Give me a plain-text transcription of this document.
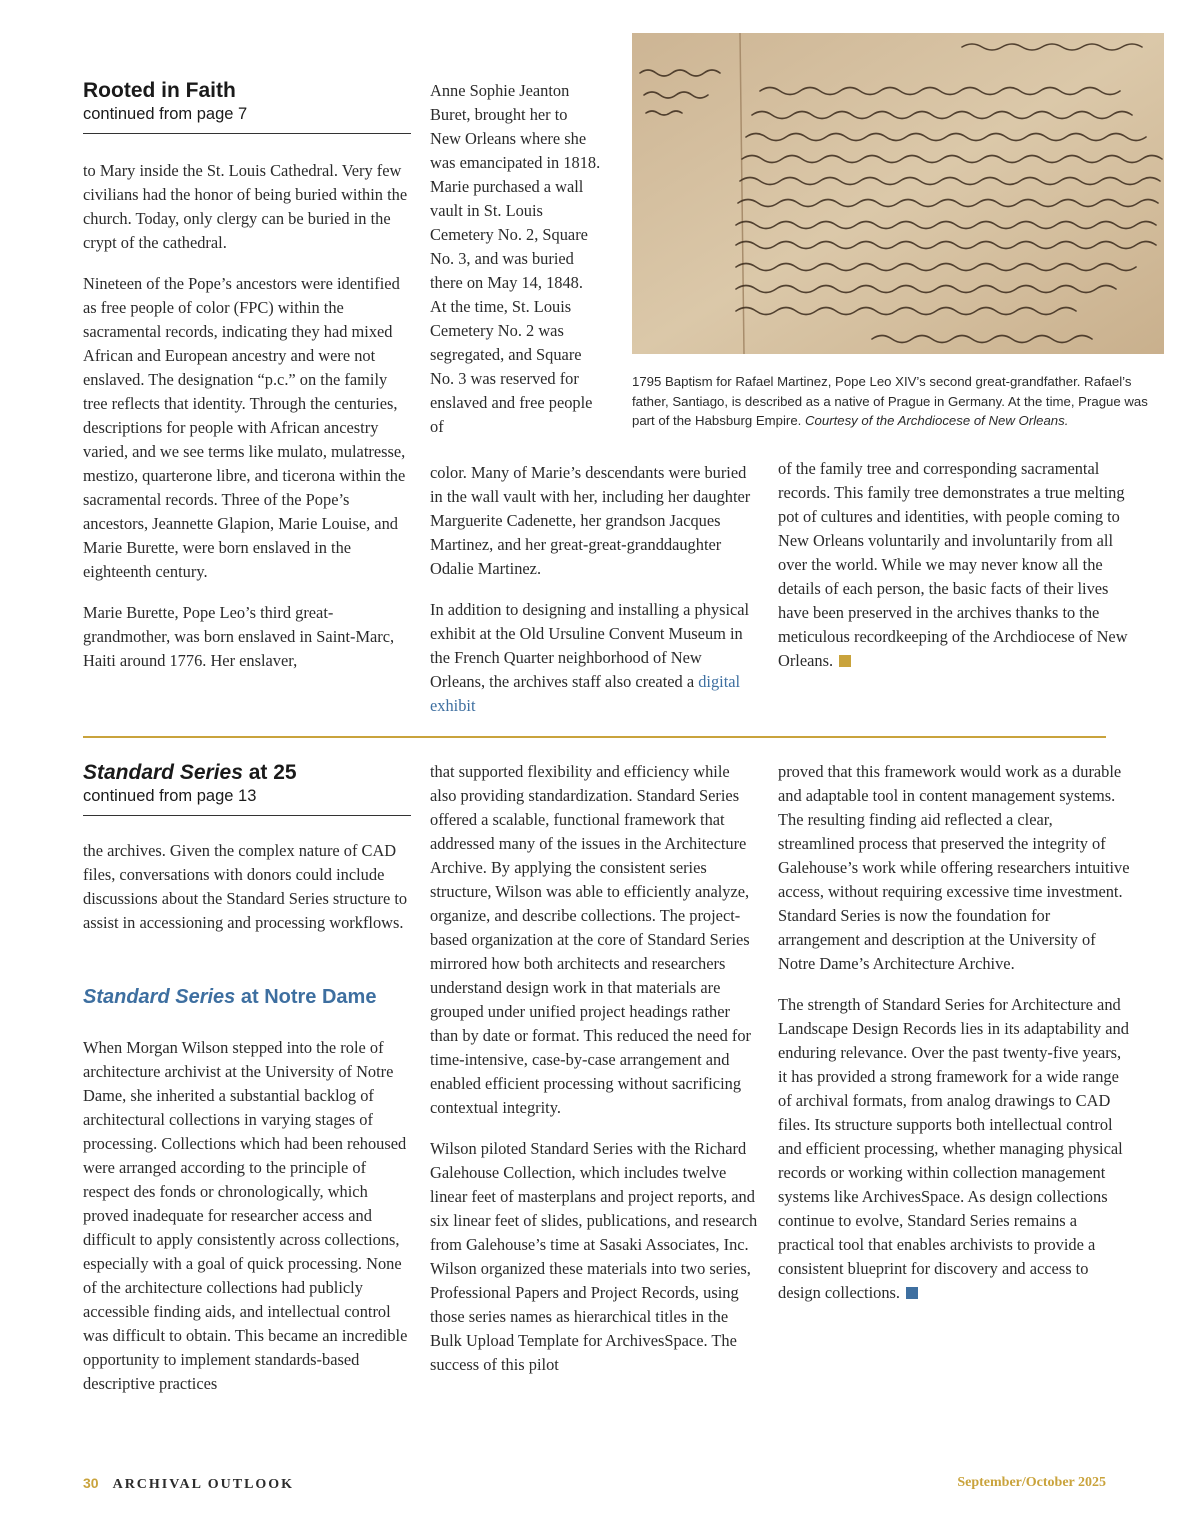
Rooted in Faith
continued from page 7

to Mary inside the St. Louis Cathedral. Very few civilians had the honor of being buried within the church. Today, only clergy can be buried in the crypt of the cathedral.

Nineteen of the Pope’s ancestors were identified as free people of color (FPC) within the sacramental records, indicating they had mixed African and European ancestry and were not enslaved. The designation “p.c.” on the family tree reflects that identity. Through the centuries, descriptions for people with African ancestry varied, and we see terms like mulato, mulatresse, mestizo, quarterone libre, and ticerona within the sacramental records. Three of the Pope’s ancestors, Jeannette Glapion, Marie Louise, and Marie Burette, were born enslaved in the eighteenth century.

Marie Burette, Pope Leo’s third great-grandmother, was born enslaved in Saint-Marc, Haiti around 1776. Her enslaver,

Anne Sophie Jeanton Buret, brought her to New Orleans where she was emancipated in 1818. Marie purchased a wall vault in St. Louis Cemetery No. 2, Square No. 3, and was buried there on May 14, 1848. At the time, St. Louis Cemetery No. 2 was segregated, and Square No. 3 was reserved for enslaved and free people of

color. Many of Marie’s descendants were buried in the wall vault with her, including her daughter Marguerite Cadenette, her grandson Jacques Martinez, and her great-great-granddaughter Odalie Martinez.

In addition to designing and installing a physical exhibit at the Old Ursuline Convent Museum in the French Quarter neighborhood of New Orleans, the archives staff also created a digital exhibit

of the family tree and corresponding sacramental records. This family tree demonstrates a true melting pot of cultures and identities, with people coming to New Orleans voluntarily and involuntarily from all over the world. While we may never know all the details of each person, the basic facts of their lives have been preserved in the archives thanks to the meticulous recordkeeping of the Archdiocese of New Orleans.

1795 Baptism for Rafael Martinez, Pope Leo XIV’s second great-grandfather. Rafael’s father, Santiago, is described as a native of Prague in Germany. At the time, Prague was part of the Habsburg Empire. Courtesy of the Archdiocese of New Orleans.
Standard Series at 25
continued from page 13

the archives. Given the complex nature of CAD files, conversations with donors could include discussions about the Standard Series structure to assist in accessioning and processing workflows.

Standard Series at Notre Dame

When Morgan Wilson stepped into the role of architecture archivist at the University of Notre Dame, she inherited a substantial backlog of architectural collections in varying stages of processing. Collections which had been rehoused were arranged according to the principle of respect des fonds or chronologically, which proved inadequate for researcher access and difficult to apply consistently across collections, especially with a goal of quick processing. None of the architecture collections had publicly accessible finding aids, and intellectual control was difficult to obtain. This became an incredible opportunity to implement standards-based descriptive practices

that supported flexibility and efficiency while also providing standardization. Standard Series offered a scalable, functional framework that addressed many of the issues in the Architecture Archive. By applying the consistent series structure, Wilson was able to efficiently analyze, organize, and describe collections. The project-based organization at the core of Standard Series mirrored how both architects and researchers understand design work in that materials are grouped under unified project headings rather than by date or format. This reduced the need for time-intensive, case-by-case arrangement and enabled efficient processing without sacrificing contextual integrity.

Wilson piloted Standard Series with the Richard Galehouse Collection, which includes twelve linear feet of masterplans and project reports, and six linear feet of slides, publications, and research from Galehouse’s time at Sasaki Associates, Inc. Wilson organized these materials into two series, Professional Papers and Project Records, using those series names as hierarchical titles in the Bulk Upload Template for ArchivesSpace. The success of this pilot

proved that this framework would work as a durable and adaptable tool in content management systems. The resulting finding aid reflected a clear, streamlined process that preserved the integrity of Galehouse’s work while offering researchers intuitive access, without requiring excessive time investment. Standard Series is now the foundation for arrangement and description at the University of Notre Dame’s Architecture Archive.

The strength of Standard Series for Architecture and Landscape Design Records lies in its adaptability and enduring relevance. Over the past twenty-five years, it has provided a strong framework for a wide range of archival formats, from analog drawings to CAD files. Its structure supports both intellectual control and efficient processing, whether managing physical records or working within collection management systems like ArchivesSpace. As design collections continue to evolve, Standard Series remains a practical tool that enables archivists to provide a consistent blueprint for discovery and access to design collections.

30 ARCHIVAL OUTLOOK	September/October 2025
